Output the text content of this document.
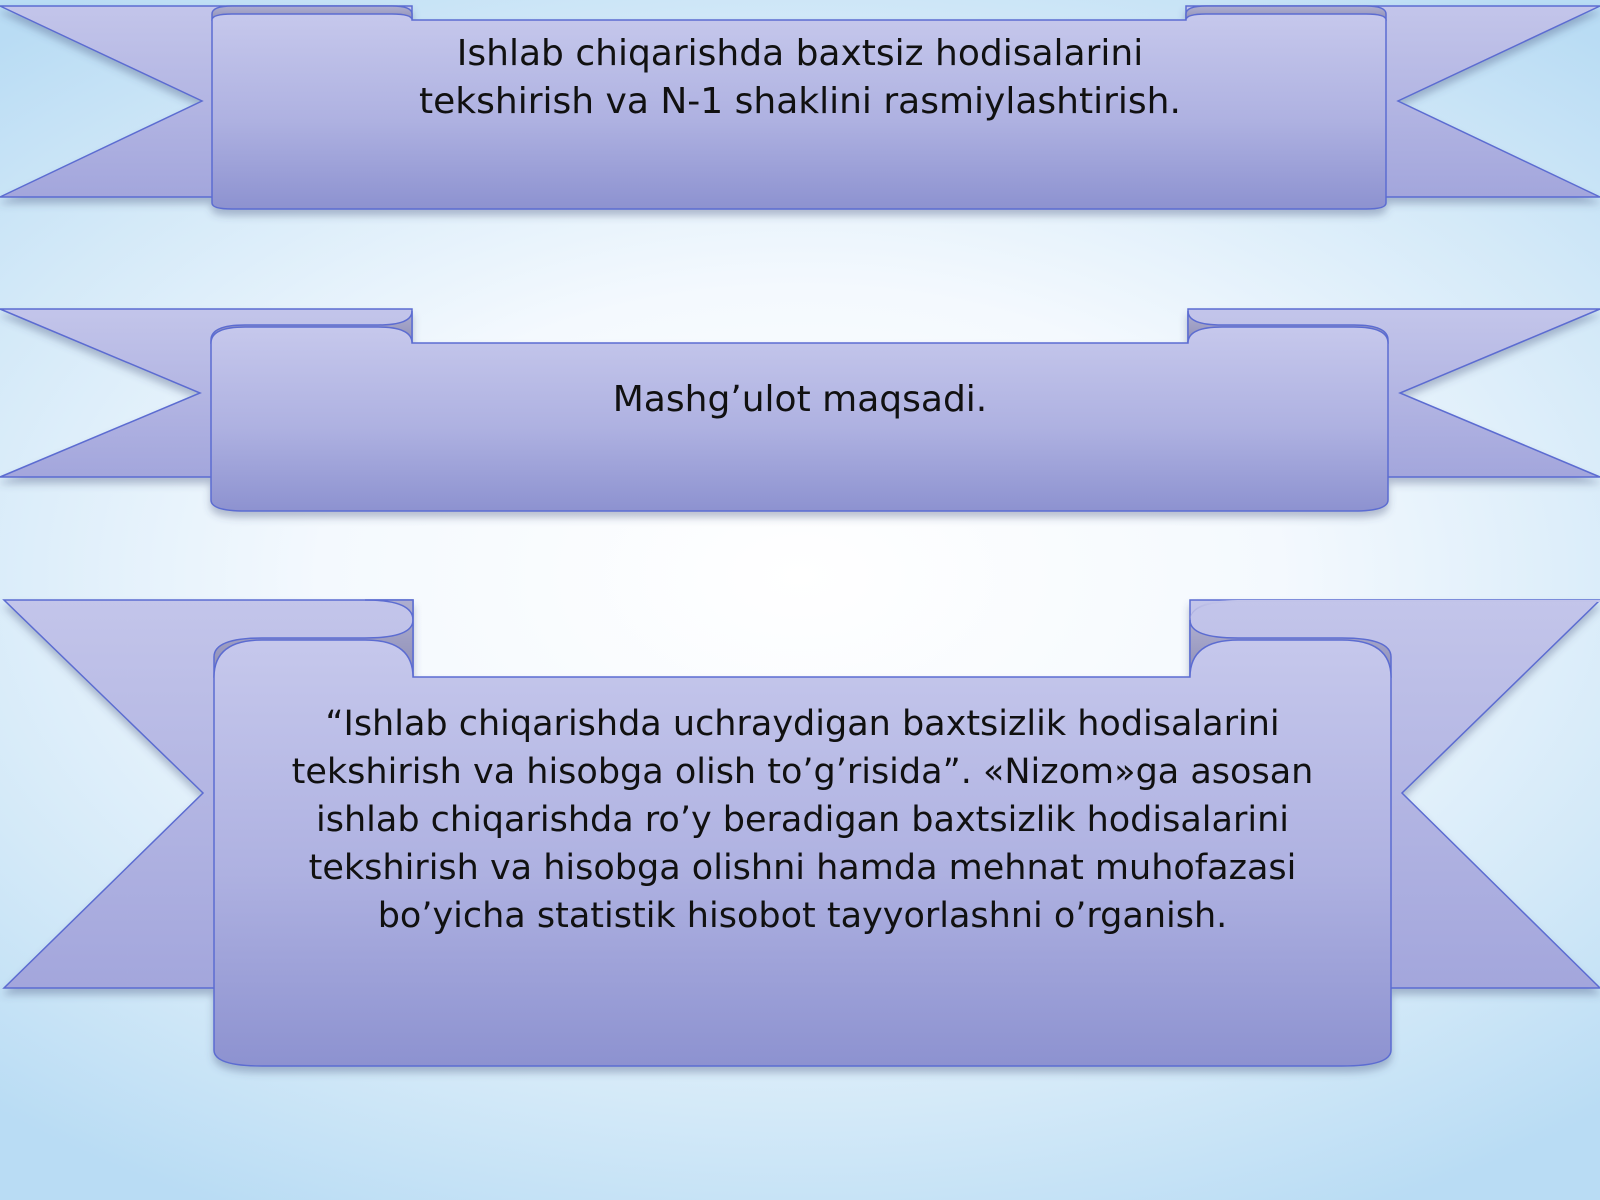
Ishlab chiqarishda baxtsiz hodisalarini
tekshirish va N-1 shaklini rasmiylashtirish.

Mashg’ulot maqsadi.

“Ishlab chiqarishda uchraydigan baxtsizlik hodisalarini
tekshirish va hisobga olish to’g’risida”. «Nizom»ga asosan
ishlab chiqarishda ro’y beradigan baxtsizlik hodisalarini
tekshirish va hisobga olishni hamda mehnat muhofazasi
bo’yicha statistik hisobot tayyorlashni o’rganish.
